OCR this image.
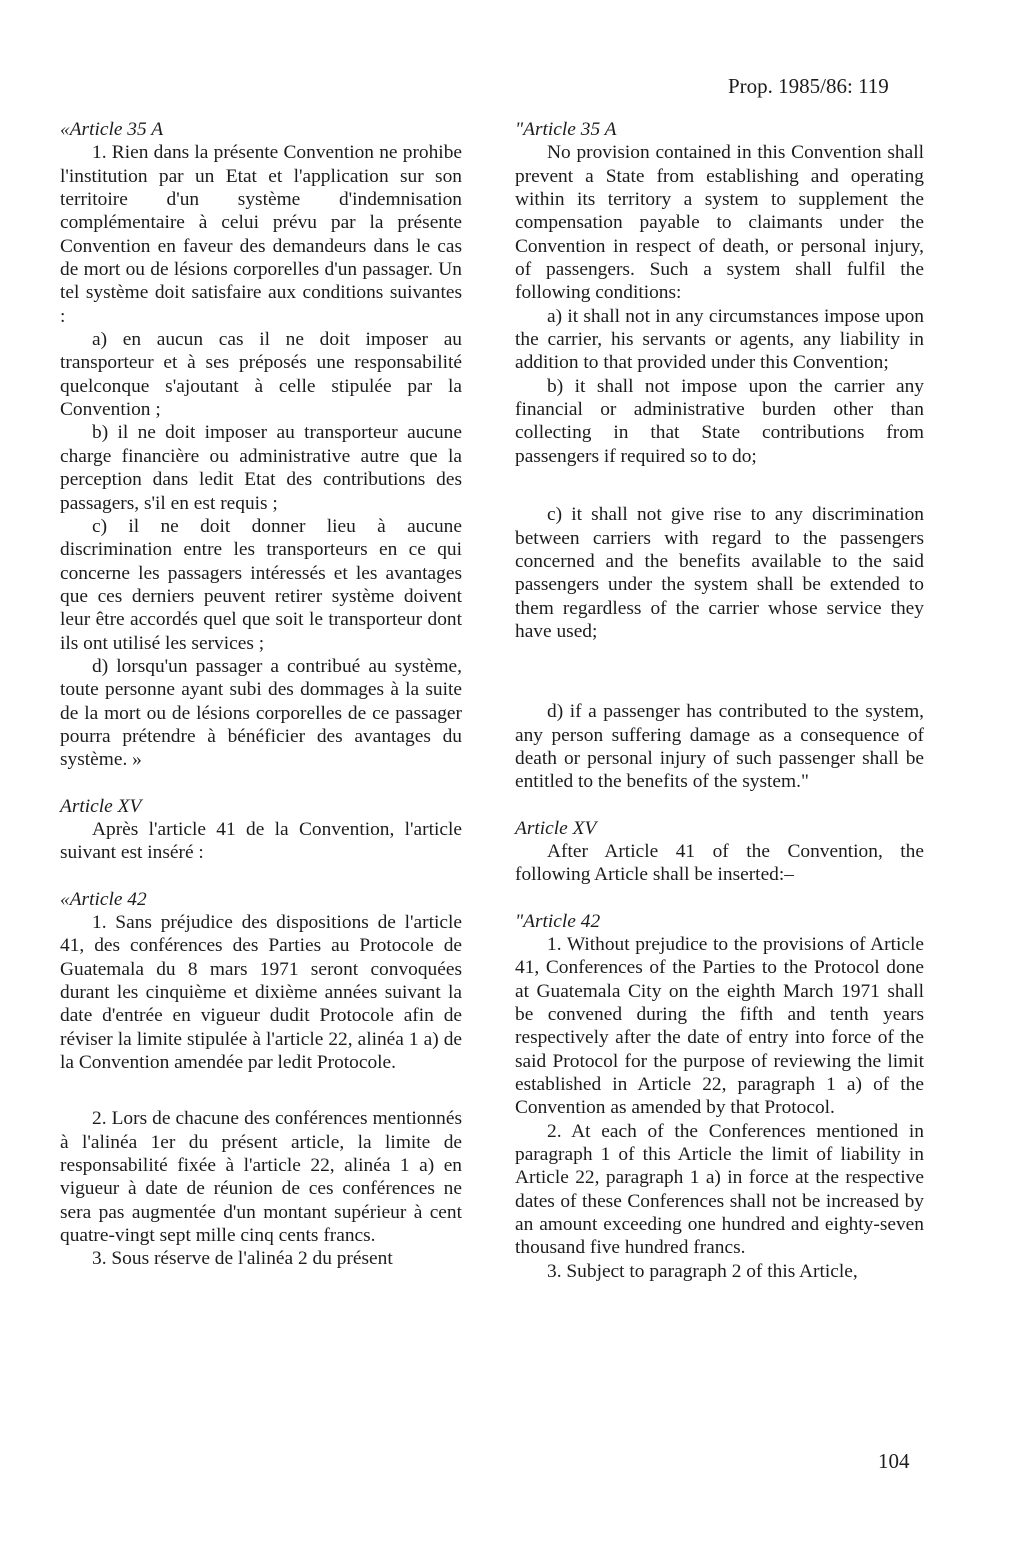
Prop. 1985/86: 119

«Article 35 A

1. Rien dans la présente Convention ne prohibe l'institution par un Etat et l'application sur son territoire d'un système d'indemnisation complémentaire à celui prévu par la présente Convention en faveur des demandeurs dans le cas de mort ou de lésions corporelles d'un passager. Un tel système doit satisfaire aux conditions suivantes :

a) en aucun cas il ne doit imposer au transporteur et à ses préposés une responsabilité quelconque s'ajoutant à celle stipulée par la Convention ;

b) il ne doit imposer au transporteur aucune charge financière ou administrative autre que la perception dans ledit Etat des contributions des passagers, s'il en est requis ;

c) il ne doit donner lieu à aucune discrimination entre les transporteurs en ce qui concerne les passagers intéressés et les avantages que ces derniers peuvent retirer système doivent leur être accordés quel que soit le transporteur dont ils ont utilisé les services ;

d) lorsqu'un passager a contribué au système, toute personne ayant subi des dommages à la suite de la mort ou de lésions corporelles de ce passager pourra prétendre à bénéficier des avantages du système. »

Article XV

Après l'article 41 de la Convention, l'article suivant est inséré :

«Article 42

1. Sans préjudice des dispositions de l'article 41, des conférences des Parties au Protocole de Guatemala du 8 mars 1971 seront convoquées durant les cinquième et dixième années suivant la date d'entrée en vigueur dudit Protocole afin de réviser la limite stipulée à l'article 22, alinéa 1 a) de la Convention amendée par ledit Protocole.

2. Lors de chacune des conférences mentionnés à l'alinéa 1er du présent article, la limite de responsabilité fixée à l'article 22, alinéa 1 a) en vigueur à date de réunion de ces conférences ne sera pas augmentée d'un montant supérieur à cent quatre-vingt sept mille cinq cents francs.

3. Sous réserve de l'alinéa 2 du présent

"Article 35 A

No provision contained in this Convention shall prevent a State from establishing and operating within its territory a system to supplement the compensation payable to claimants under the Convention in respect of death, or personal injury, of passengers. Such a system shall fulfil the following conditions:

a) it shall not in any circumstances impose upon the carrier, his servants or agents, any liability in addition to that provided under this Convention;

b) it shall not impose upon the carrier any financial or administrative burden other than collecting in that State contributions from passengers if required so to do;

c) it shall not give rise to any discrimination between carriers with regard to the passengers concerned and the benefits available to the said passengers under the system shall be extended to them regardless of the carrier whose service they have used;

d) if a passenger has contributed to the system, any person suffering damage as a consequence of death or personal injury of such passenger shall be entitled to the benefits of the system."

Article XV

After Article 41 of the Convention, the following Article shall be inserted:–

"Article 42

1. Without prejudice to the provisions of Article 41, Conferences of the Parties to the Protocol done at Guatemala City on the eighth March 1971 shall be convened during the fifth and tenth years respectively after the date of entry into force of the said Protocol for the purpose of reviewing the limit established in Article 22, paragraph 1 a) of the Convention as amended by that Protocol.

2. At each of the Conferences mentioned in paragraph 1 of this Article the limit of liability in Article 22, paragraph 1 a) in force at the respective dates of these Conferences shall not be increased by an amount exceeding one hundred and eighty-seven thousand five hundred francs.

3. Subject to paragraph 2 of this Article,

104
